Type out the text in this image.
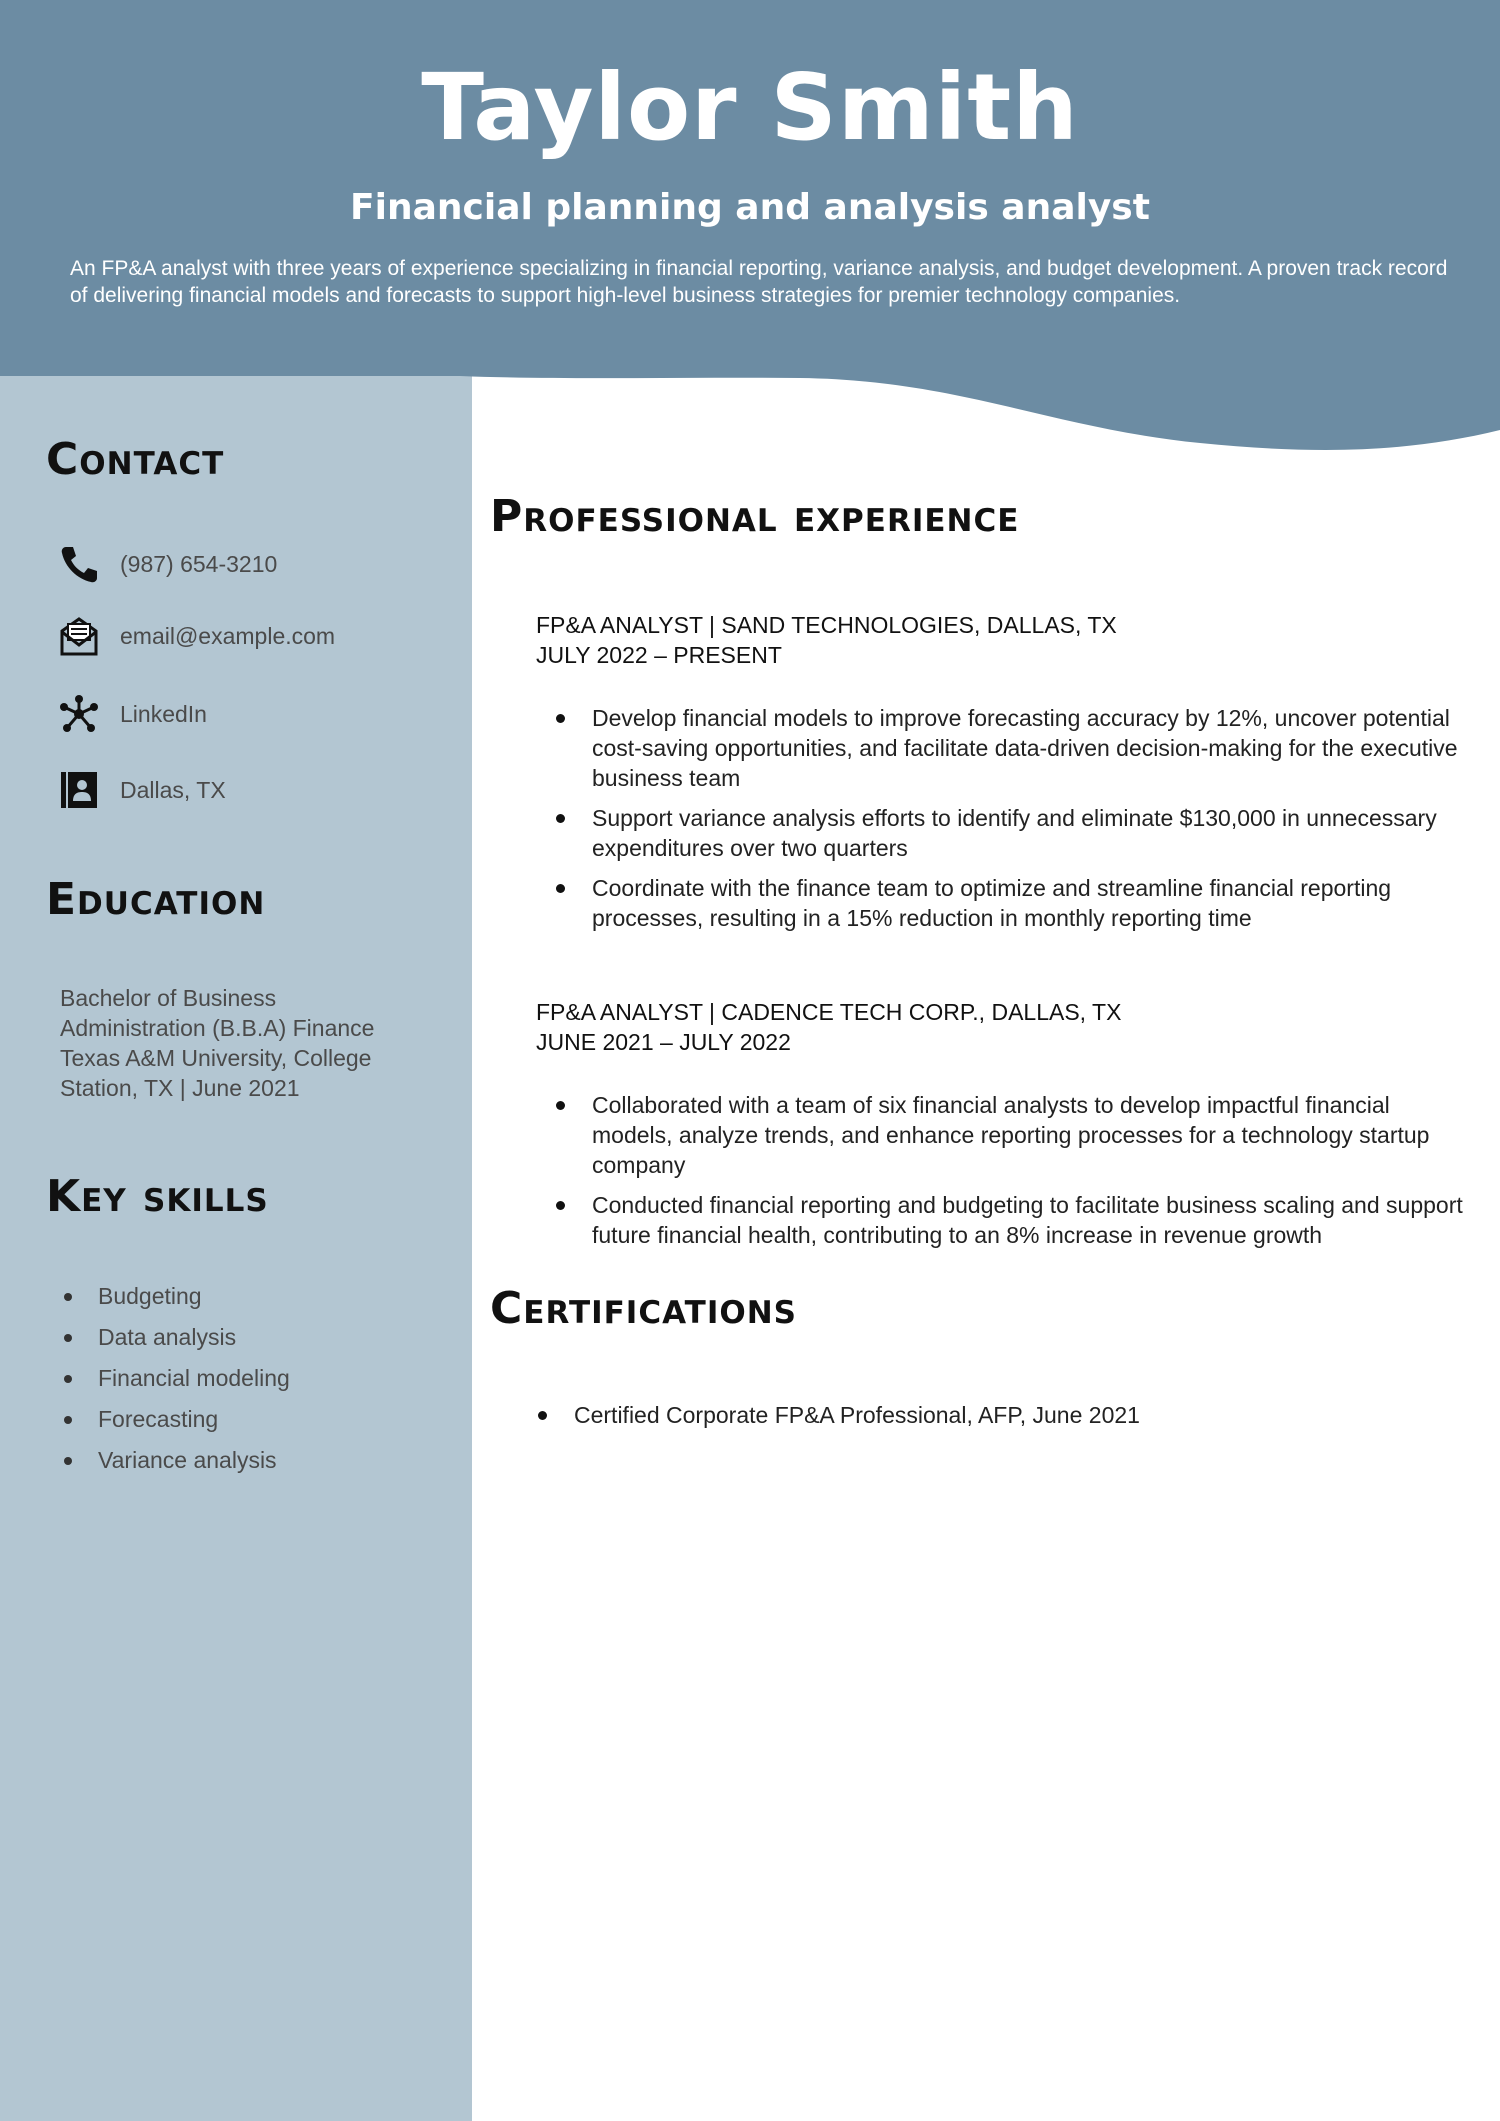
Taylor Smith
Financial planning and analysis analyst

An FP&A analyst with three years of experience specializing in financial reporting, variance analysis, and budget development. A proven track record of delivering financial models and forecasts to support high-level business strategies for premier technology companies.

Contact
(987) 654-3210
email@example.com
LinkedIn
Dallas, TX
Education

Bachelor of Business Administration (B.B.A) Finance Texas A&M University, College Station, TX | June 2021

Key skills
Budgeting
Data analysis
Financial modeling
Forecasting
Variance analysis
Professional experience

FP&A ANALYST | SAND TECHNOLOGIES, DALLAS, TX
JULY 2022 – PRESENT

Develop financial models to improve forecasting accuracy by 12%, uncover potential cost-saving opportunities, and facilitate data-driven decision-making for the executive business team
Support variance analysis efforts to identify and eliminate $130,000 in unnecessary expenditures over two quarters
Coordinate with the finance team to optimize and streamline financial reporting processes, resulting in a 15% reduction in monthly reporting time

FP&A ANALYST | CADENCE TECH CORP., DALLAS, TX
JUNE 2021 – JULY 2022

Collaborated with a team of six financial analysts to develop impactful financial models, analyze trends, and enhance reporting processes for a technology startup company
Conducted financial reporting and budgeting to facilitate business scaling and support future financial health, contributing to an 8% increase in revenue growth
Certifications
Certified Corporate FP&A Professional, AFP, June 2021
